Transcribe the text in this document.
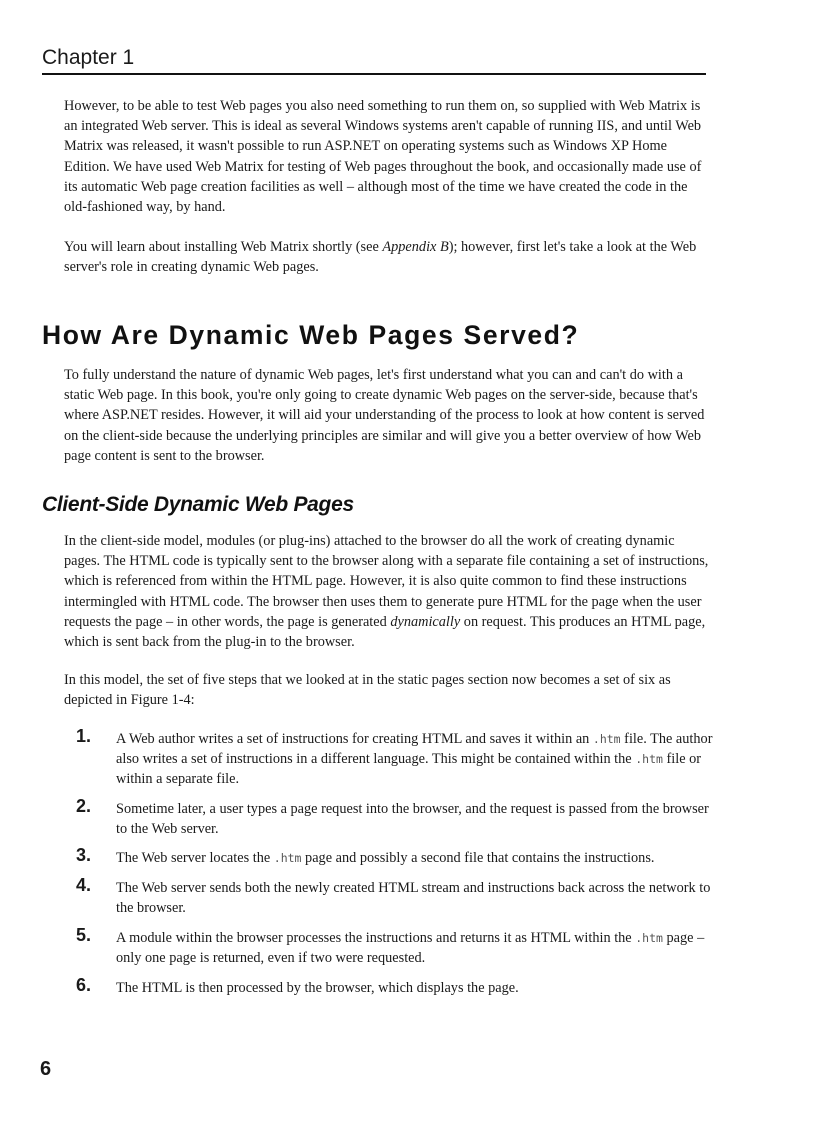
Chapter 1

However, to be able to test Web pages you also need something to run them on, so supplied with Web Matrix is an integrated Web server. This is ideal as several Windows systems aren't capable of running IIS, and until Web Matrix was released, it wasn't possible to run ASP.NET on operating systems such as Windows XP Home Edition. We have used Web Matrix for testing of Web pages throughout the book, and occasionally made use of its automatic Web page creation facilities as well – although most of the time we have created the code in the old-fashioned way, by hand.

You will learn about installing Web Matrix shortly (see Appendix B); however, first let's take a look at the Web server's role in creating dynamic Web pages.

How Are Dynamic Web Pages Served?

To fully understand the nature of dynamic Web pages, let's first understand what you can and can't do with a static Web page. In this book, you're only going to create dynamic Web pages on the server-side, because that's where ASP.NET resides. However, it will aid your understanding of the process to look at how content is served on the client-side because the underlying principles are similar and will give you a better overview of how Web page content is sent to the browser.

Client-Side Dynamic Web Pages

In the client-side model, modules (or plug-ins) attached to the browser do all the work of creating dynamic pages. The HTML code is typically sent to the browser along with a separate file containing a set of instructions, which is referenced from within the HTML page. However, it is also quite common to find these instructions intermingled with HTML code. The browser then uses them to generate pure HTML for the page when the user requests the page – in other words, the page is generated dynamically on request. This produces an HTML page, which is sent back from the plug-in to the browser.

In this model, the set of five steps that we looked at in the static pages section now becomes a set of six as depicted in Figure 1-4:

1. A Web author writes a set of instructions for creating HTML and saves it within an .htm file. The author also writes a set of instructions in a different language. This might be contained within the .htm file or within a separate file.

2. Sometime later, a user types a page request into the browser, and the request is passed from the browser to the Web server.

3. The Web server locates the .htm page and possibly a second file that contains the instructions.

4. The Web server sends both the newly created HTML stream and instructions back across the network to the browser.

5. A module within the browser processes the instructions and returns it as HTML within the .htm page – only one page is returned, even if two were requested.

6. The HTML is then processed by the browser, which displays the page.

6
